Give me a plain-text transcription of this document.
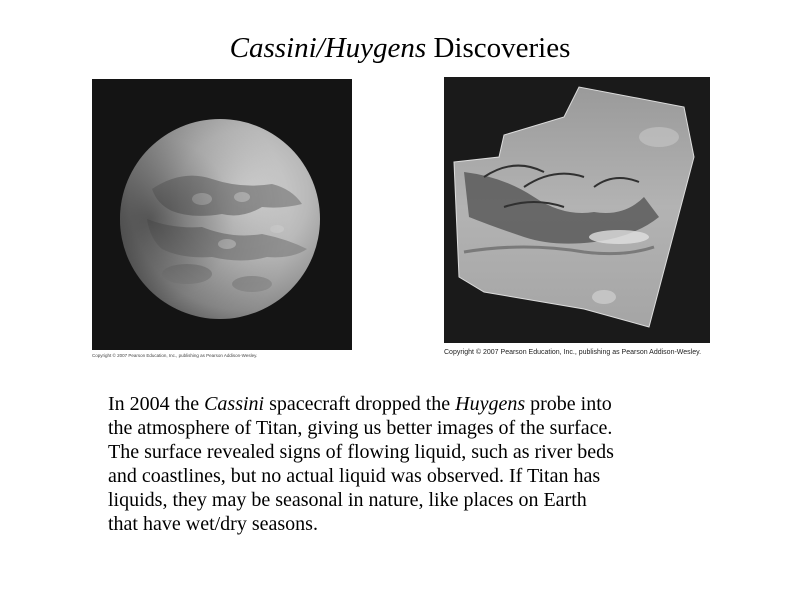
Cassini/Huygens Discoveries
Copyright © 2007 Pearson Education, Inc., publishing as Pearson Addison-Wesley.	Copyright © 2007 Pearson Education, Inc., publishing as Pearson Addison-Wesley.
In 2004 the Cassini spacecraft dropped the Huygens probe into
the atmosphere of Titan, giving us better images of the surface.
The surface revealed signs of flowing liquid, such as river beds
and coastlines, but no actual liquid was observed. If Titan has
liquids, they may be seasonal in nature, like places on Earth
that have wet/dry seasons.
